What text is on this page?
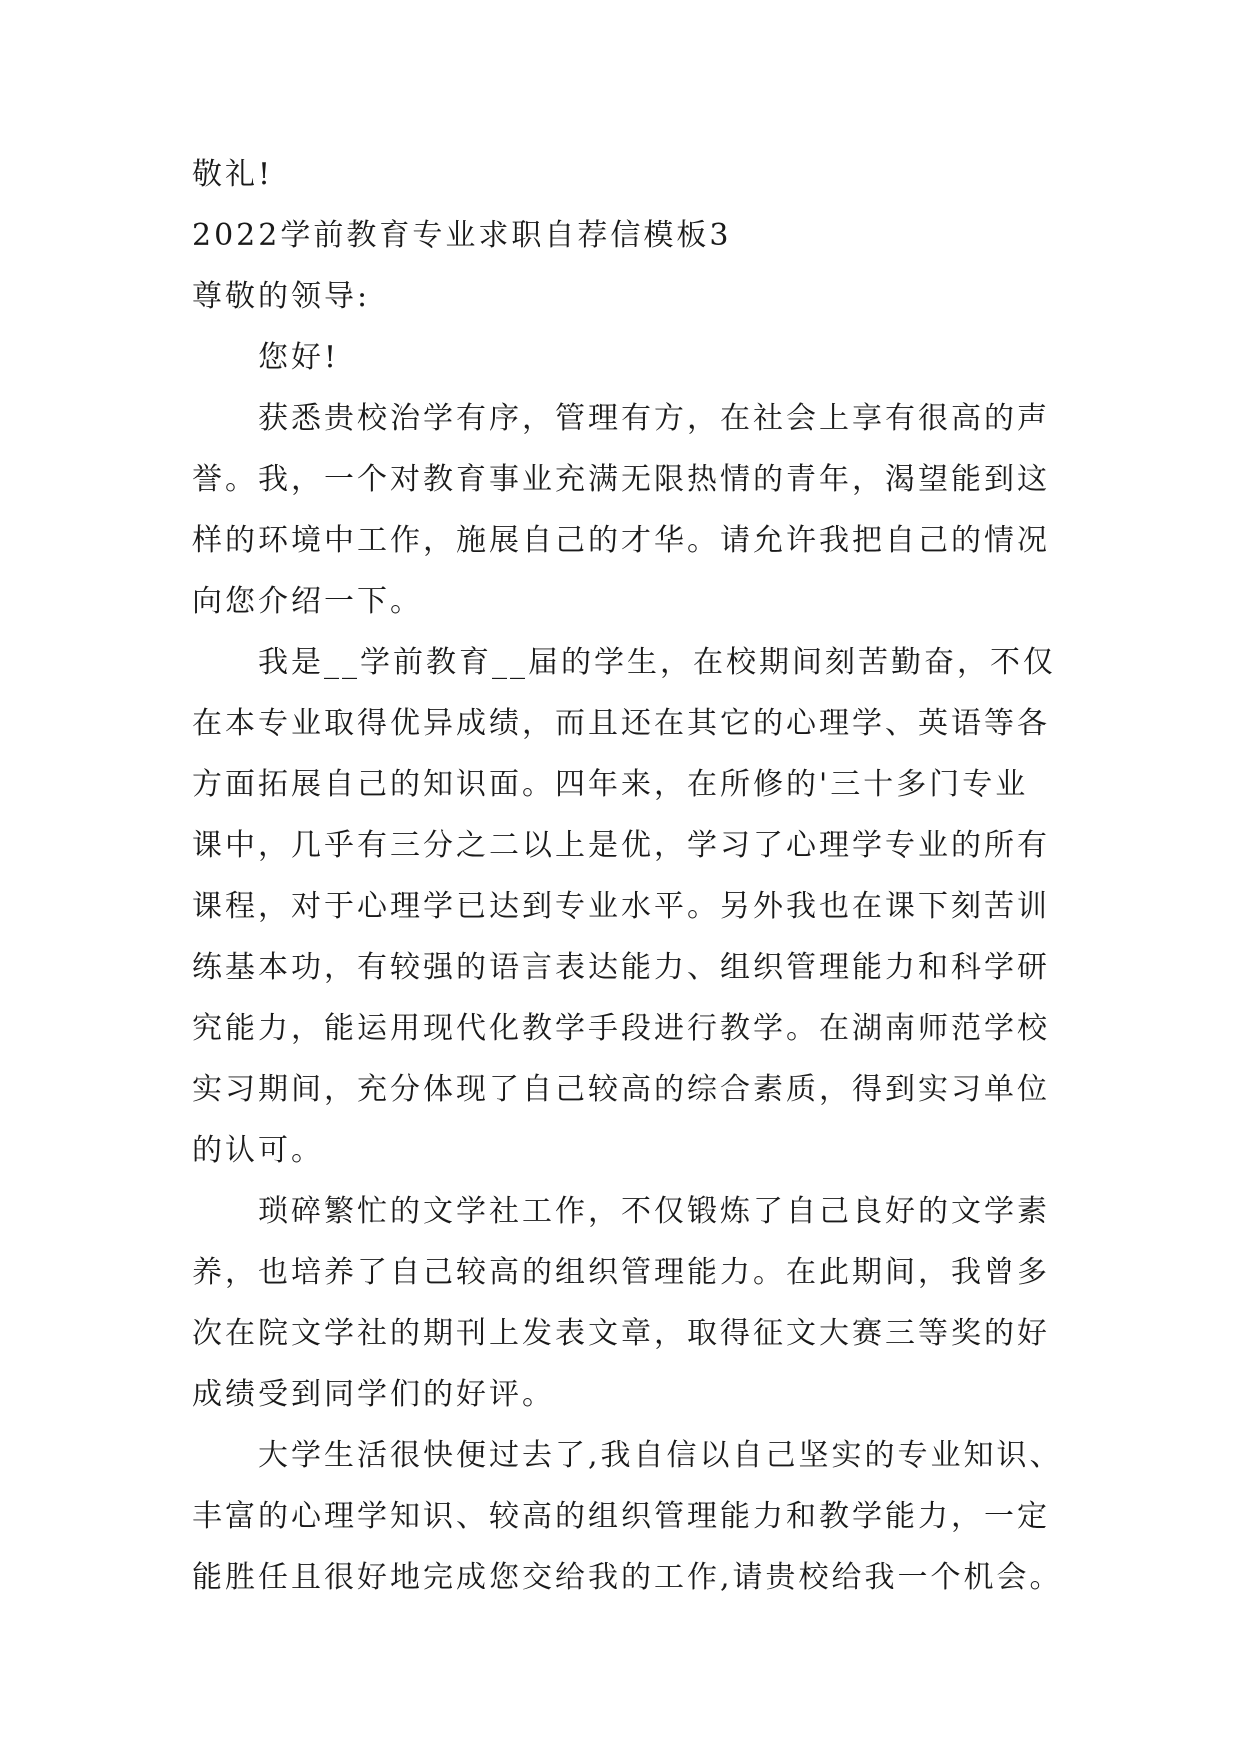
敬礼!
2022学前教育专业求职自荐信模板3
尊敬的领导:
您好!
获悉贵校治学有序，管理有方，在社会上享有很高的声
誉。我，一个对教育事业充满无限热情的青年，渴望能到这
样的环境中工作，施展自己的才华。请允许我把自己的情况
向您介绍一下。
我是__学前教育__届的学生，在校期间刻苦勤奋，不仅
在本专业取得优异成绩，而且还在其它的心理学、英语等各
方面拓展自己的知识面。四年来，在所修的'三十多门专业
课中，几乎有三分之二以上是优，学习了心理学专业的所有
课程，对于心理学已达到专业水平。另外我也在课下刻苦训
练基本功，有较强的语言表达能力、组织管理能力和科学研
究能力，能运用现代化教学手段进行教学。在湖南师范学校
实习期间，充分体现了自己较高的综合素质，得到实习单位
的认可。
琐碎繁忙的文学社工作，不仅锻炼了自己良好的文学素
养，也培养了自己较高的组织管理能力。在此期间，我曾多
次在院文学社的期刊上发表文章，取得征文大赛三等奖的好
成绩受到同学们的好评。
大学生活很快便过去了,我自信以自己坚实的专业知识、
丰富的心理学知识、较高的组织管理能力和教学能力，一定
能胜任且很好地完成您交给我的工作,请贵校给我一个机会。
